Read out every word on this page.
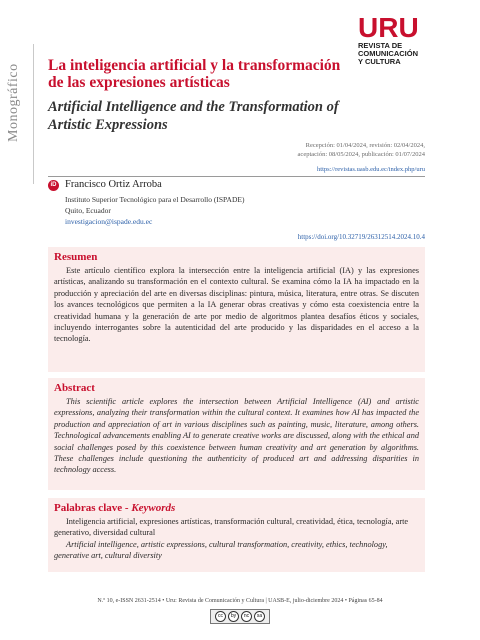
Monográfico
URU
REVISTA DE
COMUNICACIÓN
Y CULTURA
La inteligencia artificial y la transformación de las expresiones artísticas
Artificial Intelligence and the Transformation of Artistic Expressions
Recepción: 01/04/2024, revisión: 02/04/2024,
aceptación: 08/05/2024, publicación: 01/07/2024
https://revistas.uasb.edu.ec/index.php/uru
iD Francisco Ortiz Arroba
Instituto Superior Tecnológico para el Desarrollo (ISPADE)
Quito, Ecuador
investigacion@ispade.edu.ec
https://doi.org/10.32719/26312514.2024.10.4
Resumen

Este artículo científico explora la intersección entre la inteligencia artificial (IA) y las expresiones artísticas, analizando su transformación en el contexto cultural. Se examina cómo la IA ha impactado en la producción y apreciación del arte en diversas disciplinas: pintura, música, literatura, entre otras. Se discuten los avances tecnológicos que permiten a la IA generar obras creativas y cómo esta coexistencia entre la creatividad humana y la generación de arte por medio de algoritmos plantea desafíos éticos y sociales, incluyendo interrogantes sobre la autenticidad del arte producido y las disparidades en el acceso a la tecnología.

Abstract

This scientific article explores the intersection between Artificial Intelligence (AI) and artistic expressions, analyzing their transformation within the cultural context. It examines how AI has impacted the production and appreciation of art in various disciplines such as painting, music, literature, among others. Technological advancements enabling AI to generate creative works are discussed, along with the ethical and social challenges posed by this coexistence between human creativity and art generation by algorithms. These challenges include questioning the authenticity of produced art and addressing disparities in technology access.

Palabras clave - Keywords

Inteligencia artificial, expresiones artísticas, transformación cultural, creatividad, ética, tecnología, arte generativo, diversidad cultural

Artificial intelligence, artistic expressions, cultural transformation, creativity, ethics, technology, generative art, cultural diversity

N.º 10, e-ISSN 2631-2514 • Uru: Revista de Comunicación y Cultura | UASB-E, julio-diciembre 2024 • Páginas 65-84
cc	by	nc	sa
